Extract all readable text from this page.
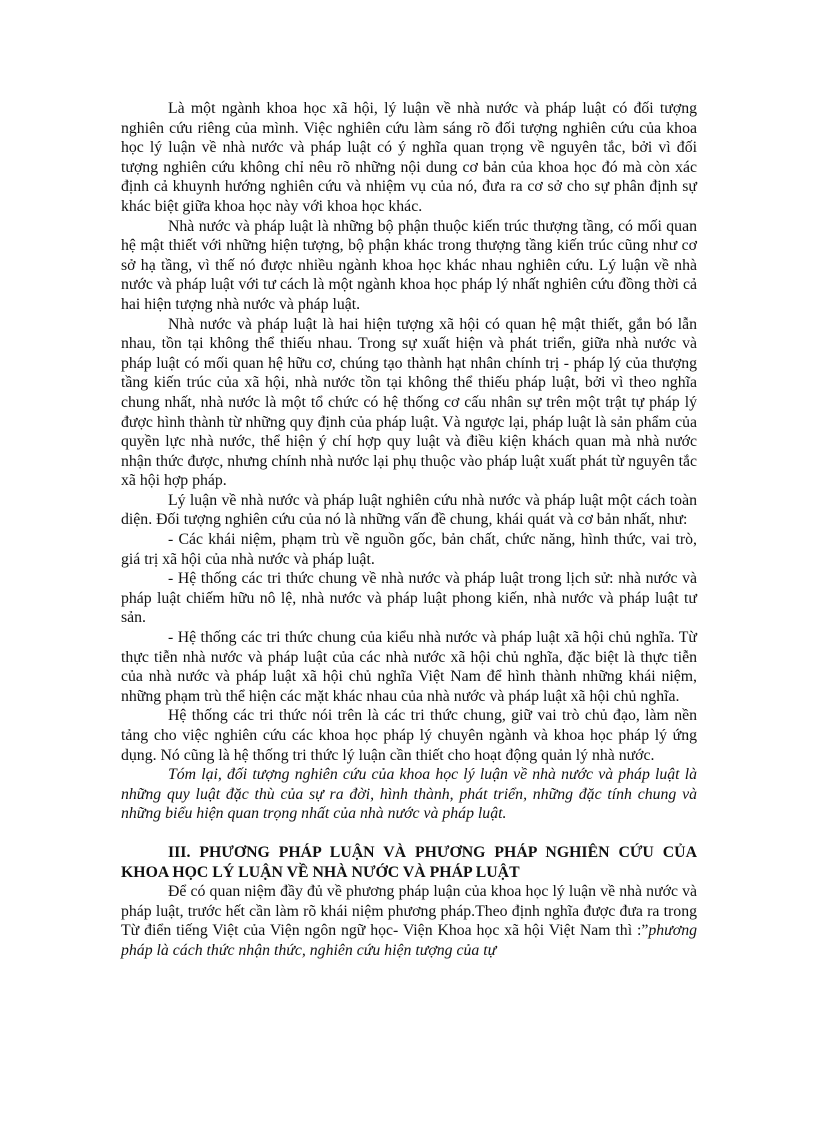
Là một ngành khoa học xã hội, lý luận về nhà nước và pháp luật có đối tượng nghiên cứu riêng của mình. Việc nghiên cứu làm sáng rõ đối tượng nghiên cứu của khoa học lý luận về nhà nước và pháp luật có ý nghĩa quan trọng về nguyên tắc, bởi vì đối tượng nghiên cứu không chỉ nêu rõ những nội dung cơ bản của khoa học đó mà còn xác định cả khuynh hướng nghiên cứu và nhiệm vụ của nó, đưa ra cơ sở cho sự phân định sự khác biệt giữa khoa học này với khoa học khác.

Nhà nước và pháp luật là những bộ phận thuộc kiến trúc thượng tầng, có mối quan hệ mật thiết với những hiện tượng, bộ phận khác trong thượng tầng kiến trúc cũng như cơ sở hạ tầng, vì thế nó được nhiều ngành khoa học khác nhau nghiên cứu. Lý luận về nhà nước và pháp luật với tư cách là một ngành khoa học pháp lý nhất nghiên cứu đồng thời cả hai hiện tượng nhà nước và pháp luật.

Nhà nước và pháp luật là hai hiện tượng xã hội có quan hệ mật thiết, gắn bó lẫn nhau, tồn tại không thể thiếu nhau. Trong sự xuất hiện và phát triển, giữa nhà nước và pháp luật có mối quan hệ hữu cơ, chúng tạo thành hạt nhân chính trị - pháp lý của thượng tầng kiến trúc của xã hội, nhà nước tồn tại không thể thiếu pháp luật, bởi vì theo nghĩa chung nhất, nhà nước là một tổ chức có hệ thống cơ cấu nhân sự trên một trật tự pháp lý được hình thành từ những quy định của pháp luật. Và ngược lại, pháp luật là sản phẩm của quyền lực nhà nước, thể hiện ý chí hợp quy luật và điều kiện khách quan mà nhà nước nhận thức được, nhưng chính nhà nước lại phụ thuộc vào pháp luật xuất phát từ nguyên tắc xã hội hợp pháp.

Lý luận về nhà nước và pháp luật nghiên cứu nhà nước và pháp luật một cách toàn diện. Đối tượng nghiên cứu của nó là những vấn đề chung, khái quát và cơ bản nhất, như:

- Các khái niệm, phạm trù về nguồn gốc, bản chất, chức năng, hình thức, vai trò, giá trị xã hội của nhà nước và pháp luật.

- Hệ thống các tri thức chung về nhà nước và pháp luật trong lịch sử: nhà nước và pháp luật chiếm hữu nô lệ, nhà nước và pháp luật phong kiến, nhà nước và pháp luật tư sản.

- Hệ thống các tri thức chung của kiểu nhà nước và pháp luật xã hội chủ nghĩa. Từ thực tiễn nhà nước và pháp luật của các nhà nước xã hội chủ nghĩa, đặc biệt là thực tiễn của nhà nước và pháp luật xã hội chủ nghĩa Việt Nam để hình thành những khái niệm, những phạm trù thể hiện các mặt khác nhau của nhà nước và pháp luật xã hội chủ nghĩa.

Hệ thống các tri thức nói trên là các tri thức chung, giữ vai trò chủ đạo, làm nền tảng cho việc nghiên cứu các khoa học pháp lý chuyên ngành và khoa học pháp lý ứng dụng. Nó cũng là hệ thống tri thức lý luận cần thiết cho hoạt động quản lý nhà nước.

Tóm lại, đối tượng nghiên cứu của khoa học lý luận về nhà nước và pháp luật là những quy luật đặc thù của sự ra đời, hình thành, phát triển, những đặc tính chung và những biểu hiện quan trọng nhất của nhà nước và pháp luật.

III. PHƯƠNG PHÁP LUẬN VÀ PHƯƠNG PHÁP NGHIÊN CỨU CỦA KHOA HỌC LÝ LUẬN VỀ NHÀ NƯỚC VÀ PHÁP LUẬT

Để có quan niệm đầy đủ về phương pháp luận của khoa học lý luận về nhà nước và pháp luật, trước hết cần làm rõ khái niệm phương pháp.Theo định nghĩa được đưa ra trong Từ điển tiếng Việt của Viện ngôn ngữ học- Viện Khoa học xã hội Việt Nam thì :”phương pháp là cách thức nhận thức, nghiên cứu hiện tượng của tự
